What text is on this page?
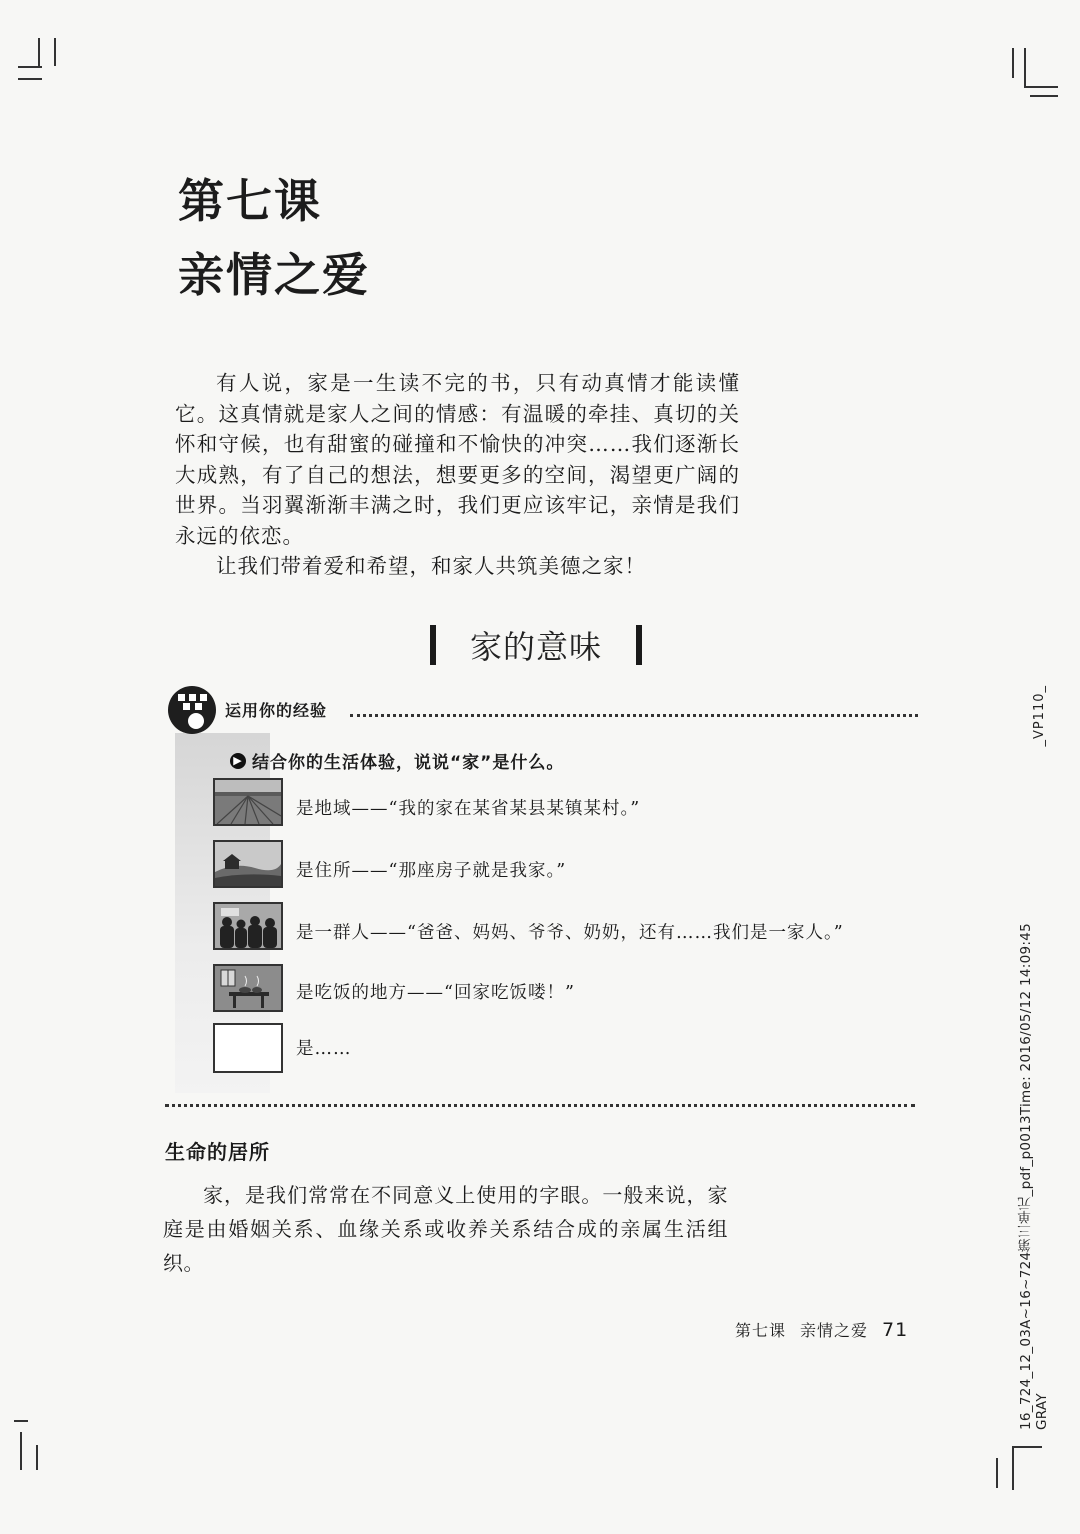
第七课
亲情之爱

有人说，家是一生读不完的书，只有动真情才能读懂它。这真情就是家人之间的情感：有温暖的牵挂、真切的关怀和守候，也有甜蜜的碰撞和不愉快的冲突……我们逐渐长大成熟，有了自己的想法，想要更多的空间，渴望更广阔的世界。当羽翼渐渐丰满之时，我们更应该牢记，亲情是我们永远的依恋。

让我们带着爱和希望，和家人共筑美德之家！

家的意味
运用你的经验
▶ 结合你的生活体验，说说“家”是什么。
是地域——“我的家在某省某县某镇某村。”
是住所——“那座房子就是我家。”
是一群人——“爸爸、妈妈、爷爷、奶奶，还有……我们是一家人。”
是吃饭的地方——“回家吃饭喽！”
是……
生命的居所

家，是我们常常在不同意义上使用的字眼。一般来说，家庭是由婚姻关系、血缘关系或收养关系结合成的亲属生活组织。

第七课 亲情之爱 71
_VP110_
16_724_12_03A~16~724第三单元_pdf_p0013Time: 2016/05/12 14:09:45 GRAY
